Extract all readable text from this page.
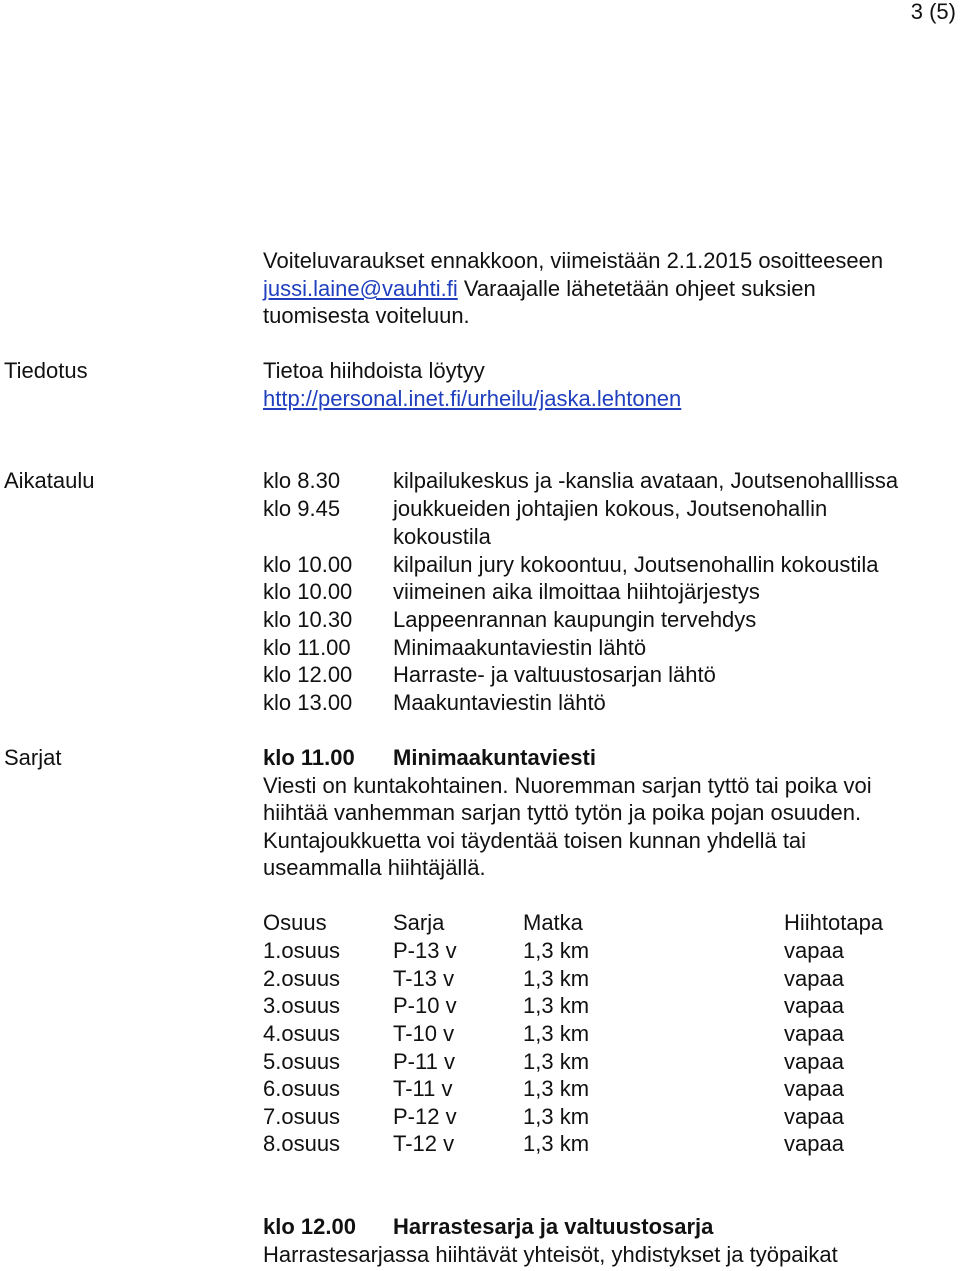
3 (5)
Voiteluvaraukset ennakkoon, viimeistään 2.1.2015 osoitteeseen
jussi.laine@vauhti.fi Varaajalle lähetetään ohjeet suksien
tuomisesta voiteluun.
Tiedotus	Tietoa hiihdoista löytyy
http://personal.inet.fi/urheilu/jaska.lehtonen
Aikataulu	klo 8.30 kilpailukeskus ja -kanslia avataan, Joutsenohalllissa
klo 9.45 joukkueiden johtajien kokous, Joutsenohallin
kokoustila
klo 10.00 kilpailun jury kokoontuu, Joutsenohallin kokoustila
klo 10.00 viimeinen aika ilmoittaa hiihtojärjestys
klo 10.30 Lappeenrannan kaupungin tervehdys
klo 11.00 Minimaakuntaviestin lähtö
klo 12.00 Harraste- ja valtuustosarjan lähtö
klo 13.00 Maakuntaviestin lähtö
Sarjat	klo 11.00 Minimaakuntaviesti
Viesti on kuntakohtainen. Nuoremman sarjan tyttö tai poika voi
hiihtää vanhemman sarjan tyttö tytön ja poika pojan osuuden.
Kuntajoukkuetta voi täydentää toisen kunnan yhdellä tai
useammalla hiihtäjällä.
Osuus	Sarja	Matka	Hiihtotapa
1.osuus P-13 v	1,3 km	vapaa
2.osuus T-13 v	1,3 km	vapaa
3.osuus P-10 v	1,3 km	vapaa
4.osuus T-10 v	1,3 km	vapaa
5.osuus P-11 v	1,3 km	vapaa
6.osuus T-11 v	1,3 km	vapaa
7.osuus P-12 v	1,3 km	vapaa
8.osuus T-12 v	1,3 km	vapaa
klo 12.00 Harrastesarja ja valtuustosarja
Harrastesarjassa hiihtävät yhteisöt, yhdistykset ja työpaikat
